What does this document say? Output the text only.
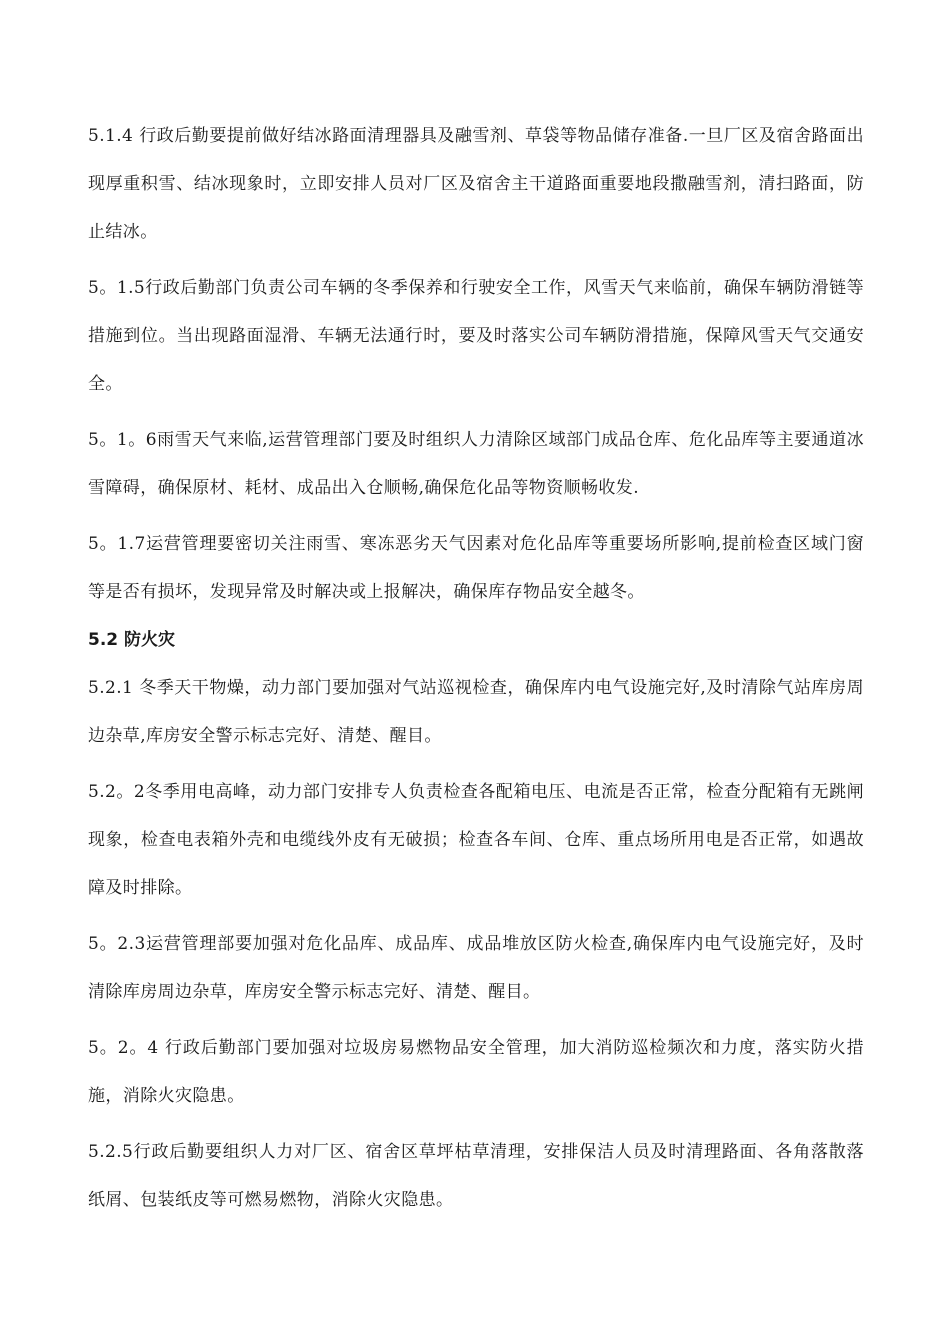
5.1.4 行政后勤要提前做好结冰路面清理器具及融雪剂、草袋等物品储存准备.一旦厂区及宿舍路面出现厚重积雪、结冰现象时，立即安排人员对厂区及宿舍主干道路面重要地段撒融雪剂，清扫路面，防止结冰。

5。1.5行政后勤部门负责公司车辆的冬季保养和行驶安全工作，风雪天气来临前，确保车辆防滑链等措施到位。当出现路面湿滑、车辆无法通行时，要及时落实公司车辆防滑措施，保障风雪天气交通安全。

5。1。6雨雪天气来临,运营管理部门要及时组织人力清除区域部门成品仓库、危化品库等主要通道冰雪障碍，确保原材、耗材、成品出入仓顺畅,确保危化品等物资顺畅收发.

5。1.7运营管理要密切关注雨雪、寒冻恶劣天气因素对危化品库等重要场所影响,提前检查区域门窗等是否有损坏，发现异常及时解决或上报解决，确保库存物品安全越冬。

5.2 防火灾

5.2.1 冬季天干物燥，动力部门要加强对气站巡视检查，确保库内电气设施完好,及时清除气站库房周边杂草,库房安全警示标志完好、清楚、醒目。

5.2。2冬季用电高峰，动力部门安排专人负责检查各配箱电压、电流是否正常，检查分配箱有无跳闸现象，检查电表箱外壳和电缆线外皮有无破损；检查各车间、仓库、重点场所用电是否正常，如遇故障及时排除。

5。2.3运营管理部要加强对危化品库、成品库、成品堆放区防火检查,确保库内电气设施完好，及时清除库房周边杂草，库房安全警示标志完好、清楚、醒目。

5。2。4 行政后勤部门要加强对垃圾房易燃物品安全管理，加大消防巡检频次和力度，落实防火措施，消除火灾隐患。

5.2.5行政后勤要组织人力对厂区、宿舍区草坪枯草清理，安排保洁人员及时清理路面、各角落散落纸屑、包装纸皮等可燃易燃物，消除火灾隐患。
